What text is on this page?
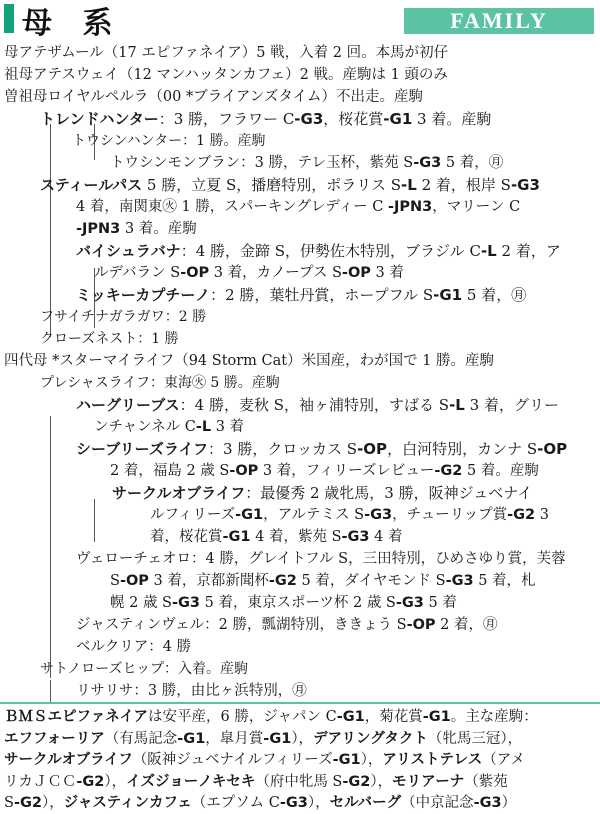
母 系	FAMILY
母アテザムール（17 エピファネイア）5 戦，入着 2 回。本馬が初仔
祖母アテスウェイ（12 マンハッタンカフェ）2 戦。産駒は 1 頭のみ
曽祖母ロイヤルペルラ（00 *ブライアンズタイム）不出走。産駒
トレンドハンター：3 勝，フラワー C-G3，桜花賞-G1 3 着。産駒
トウシンハンター：1 勝。産駒
トウシンモンブラン：3 勝，テレ玉杯，紫苑 S-G3 5 着，㊊
スティールパス 5 勝，立夏 S，播磨特別，ポラリス S-L 2 着，根岸 S-G3
4 着，南関東㊋ 1 勝，スパーキングレディー C -JPN3，マリーン C
-JPN3 3 着。産駒
バイシュラバナ：4 勝，金蹄 S，伊勢佐木特別，ブラジル C-L 2 着，ア
ルデバラン S-OP 3 着，カノープス S-OP 3 着
ミッキーカプチーノ：2 勝，葉牡丹賞，ホープフル S-G1 5 着，㊊
フサイチナガラガワ：2 勝
クローズネスト：1 勝
四代母 *スターマイライフ（94 Storm Cat）米国産，わが国で 1 勝。産駒
プレシャスライフ：東海㊋ 5 勝。産駒
ハーグリーブス：4 勝，麦秋 S，袖ヶ浦特別，すばる S-L 3 着，グリー
ンチャンネル C-L 3 着
シーブリーズライフ：3 勝，クロッカス S-OP，白河特別，カンナ S-OP
2 着，福島 2 歳 S-OP 3 着，フィリーズレビュー-G2 5 着。産駒
サークルオブライフ：最優秀 2 歳牝馬，3 勝，阪神ジュベナイ
ルフィリーズ-G1，アルテミス S-G3，チューリップ賞-G2 3
着，桜花賞-G1 4 着，紫苑 S-G3 4 着
ヴェローチェオロ：4 勝，グレイトフル S，三田特別，ひめさゆり賞，芙蓉
S-OP 3 着，京都新聞杯-G2 5 着，ダイヤモンド S-G3 5 着，札
幌 2 歳 S-G3 5 着，東京スポーツ杯 2 歳 S-G3 5 着
ジャスティンヴェル：2 勝，瓢湖特別，ききょう S-OP 2 着，㊊
ベルクリア：4 勝
サトノローズヒップ：入着。産駒
リサリサ：3 勝，由比ヶ浜特別，㊊
ＢＭＳエピファネイアは安平産，6 勝，ジャパン C-G1，菊花賞-G1。主な産駒：
エフフォーリア（有馬記念-G1，皐月賞-G1），デアリングタクト（牝馬三冠），
サークルオブライフ（阪神ジュベナイルフィリーズ-G1），アリストテレス（アメ
リカＪＣＣ-G2），イズジョーノキセキ（府中牝馬 S-G2），モリアーナ（紫苑
S-G2），ジャスティンカフェ（エプソム C-G3），セルバーグ（中京記念-G3）
